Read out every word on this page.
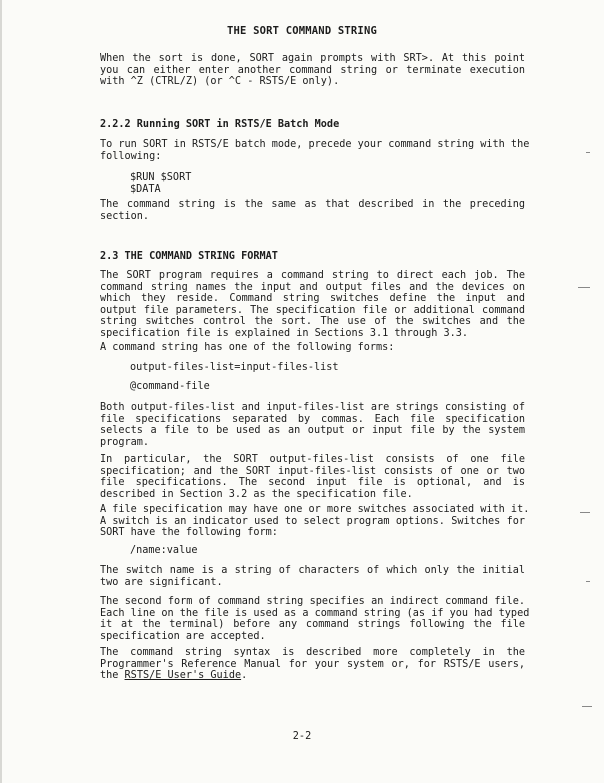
THE SORT COMMAND STRING
When the sort is done, SORT again prompts with SRT>. At this point
you can either enter another command string or terminate execution
with ^Z (CTRL/Z) (or ^C - RSTS/E only).
2.2.2 Running SORT in RSTS/E Batch Mode
To run SORT in RSTS/E batch mode, precede your command string with the
following:
$RUN $SORT
$DATA
The command string is the same as that described in the preceding
section.
2.3 THE COMMAND STRING FORMAT
The SORT program requires a command string to direct each job. The
command string names the input and output files and the devices on
which they reside. Command string switches define the input and
output file parameters. The specification file or additional command
string switches control the sort. The use of the switches and the
specification file is explained in Sections 3.1 through 3.3.
A command string has one of the following forms:
output-files-list=input-files-list
@command-file
Both output-files-list and input-files-list are strings consisting of
file specifications separated by commas. Each file specification
selects a file to be used as an output or input file by the system
program.
In particular, the SORT output-files-list consists of one file
specification; and the SORT input-files-list consists of one or two
file specifications. The second input file is optional, and is
described in Section 3.2 as the specification file.
A file specification may have one or more switches associated with it.
A switch is an indicator used to select program options. Switches for
SORT have the following form:
/name:value
The switch name is a string of characters of which only the initial
two are significant.
The second form of command string specifies an indirect command file.
Each line on the file is used as a command string (as if you had typed
it at the terminal) before any command strings following the file
specification are accepted.
The command string syntax is described more completely in the
Programmer's Reference Manual for your system or, for RSTS/E users,
the RSTS/E User's Guide.
2-2
